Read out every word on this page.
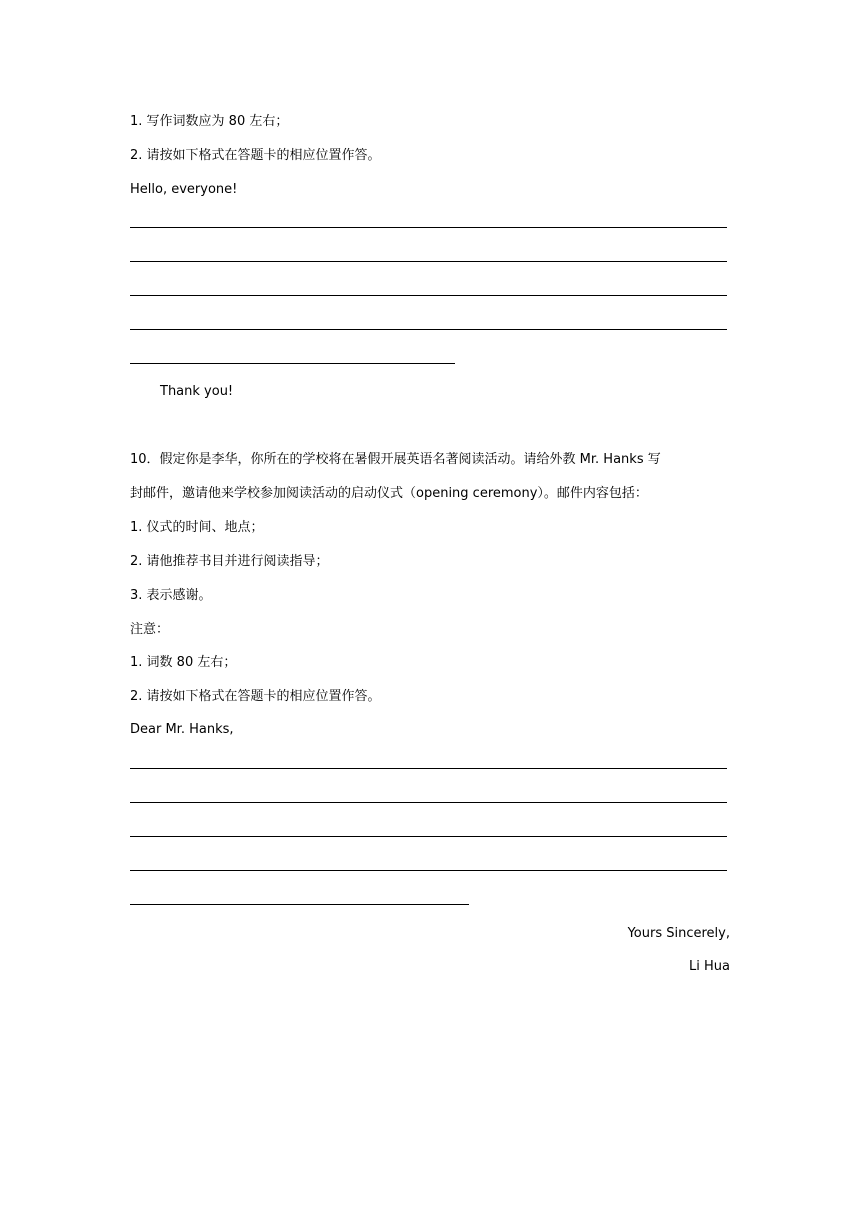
1. 写作词数应为 80 左右；
2. 请按如下格式在答题卡的相应位置作答。
Hello, everyone!
Thank you!
10．假定你是李华，你所在的学校将在暑假开展英语名著阅读活动。请给外教 Mr. Hanks 写
封邮件，邀请他来学校参加阅读活动的启动仪式（opening ceremony）。邮件内容包括：
1. 仪式的时间、地点；
2. 请他推荐书目并进行阅读指导；
3. 表示感谢。
注意：
1. 词数 80 左右；
2. 请按如下格式在答题卡的相应位置作答。
Dear Mr. Hanks,
Yours Sincerely,
Li Hua
